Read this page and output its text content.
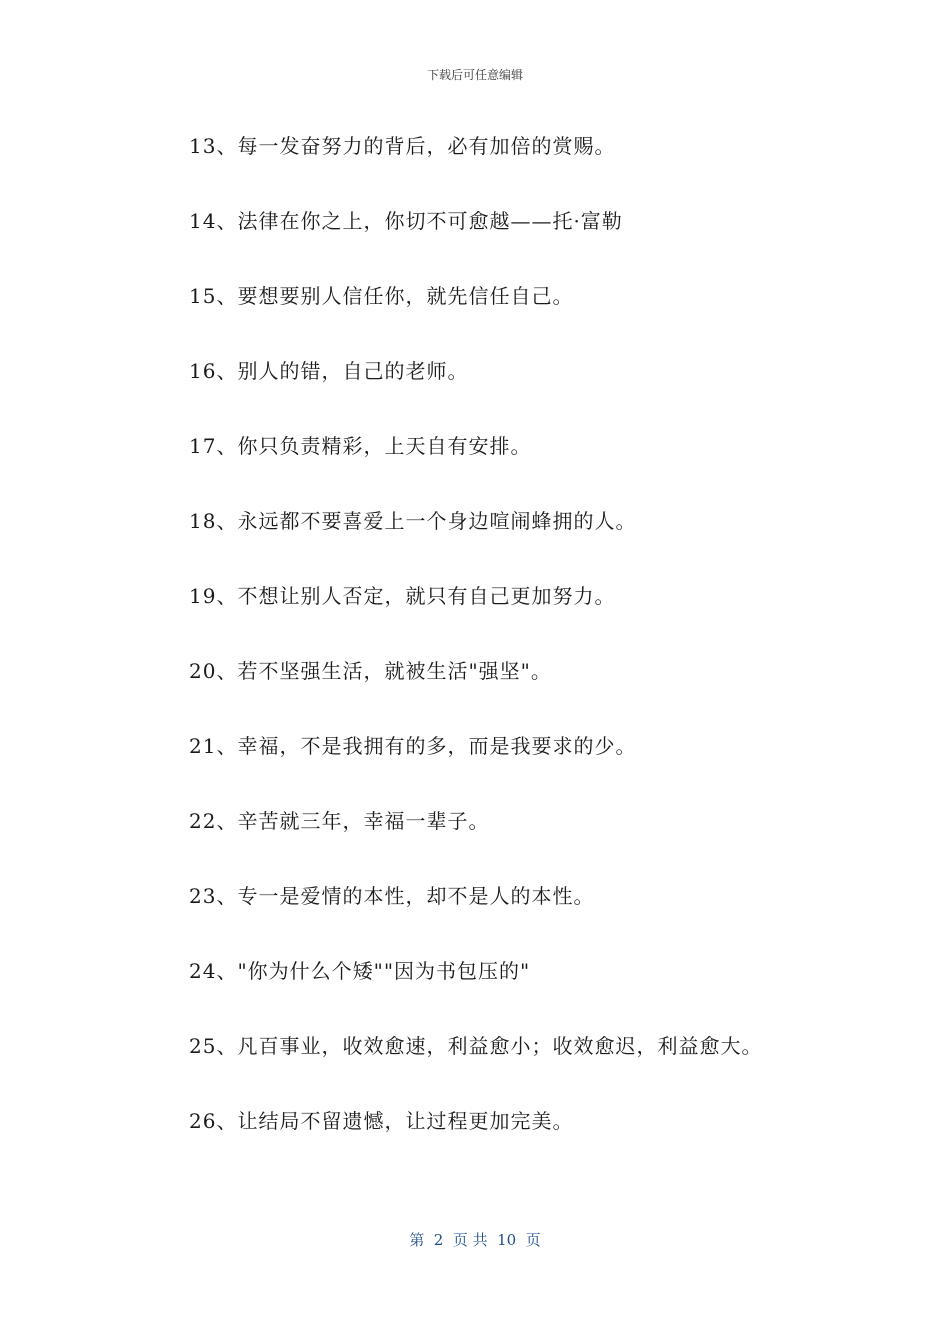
下载后可任意编辑
13、每一发奋努力的背后，必有加倍的赏赐。
14、法律在你之上，你切不可愈越——托·富勒
15、要想要别人信任你，就先信任自己。
16、别人的错，自己的老师。
17、你只负责精彩，上天自有安排。
18、永远都不要喜爱上一个身边喧闹蜂拥的人。
19、不想让别人否定，就只有自己更加努力。
20、若不坚强生活，就被生活"强坚"。
21、幸福，不是我拥有的多，而是我要求的少。
22、辛苦就三年，幸福一辈子。
23、专一是爱情的本性，却不是人的本性。
24、"你为什么个矮""因为书包压的"
25、凡百事业，收效愈速，利益愈小；收效愈迟，利益愈大。
26、让结局不留遗憾，让过程更加完美。
第  2  页 共  10  页
